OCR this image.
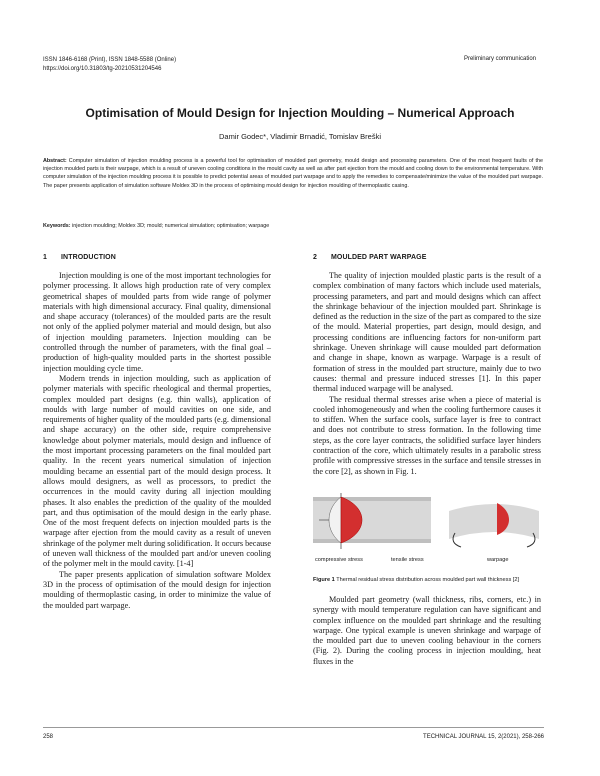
ISSN 1846-6168 (Print), ISSN 1848-5588 (Online)
https://doi.org/10.31803/tg-20210531204546
Preliminary communication
Optimisation of Mould Design for Injection Moulding – Numerical Approach
Damir Godec*, Vladimir Brnadić, Tomislav Breški
Abstract: Computer simulation of injection moulding process is a powerful tool for optimisation of moulded part geometry, mould design and processing parameters. One of the most frequent faults of the injection moulded parts is their warpage, which is a result of uneven cooling conditions in the mould cavity as well as after part ejection from the mould and cooling down to the environmental temperature. With computer simulation of the injection moulding process it is possible to predict potential areas of moulded part warpage and to apply the remedies to compensate/minimize the value of the moulded part warpage. The paper presents application of simulation software Moldex 3D in the process of optimising mould design for injection moulding of thermoplastic casing.
Keywords: injection moulding; Moldex 3D; mould; numerical simulation; optimisation; warpage
1 INTRODUCTION

Injection moulding is one of the most important technologies for polymer processing. It allows high production rate of very complex geometrical shapes of moulded parts from wide range of polymer materials with high dimensional accuracy. Final quality, dimensional and shape accuracy (tolerances) of the moulded parts are the result not only of the applied polymer material and mould design, but also of injection moulding parameters. Injection moulding can be controlled through the number of parameters, with the final goal – production of high-quality moulded parts in the shortest possible injection moulding cycle time.

Modern trends in injection moulding, such as application of polymer materials with specific rheological and thermal properties, complex moulded part designs (e.g. thin walls), application of moulds with large number of mould cavities on one side, and requirements of higher quality of the moulded parts (e.g. dimensional and shape accuracy) on the other side, require comprehensive knowledge about polymer materials, mould design and influence of the most important processing parameters on the final moulded part quality. In the recent years numerical simulation of injection moulding became an essential part of the mould design process. It allows mould designers, as well as processors, to predict the occurrences in the mould cavity during all injection moulding phases. It also enables the prediction of the quality of the moulded part, and thus optimisation of the mould design in the early phase. One of the most frequent defects on injection moulded parts is the warpage after ejection from the mould cavity as a result of uneven shrinkage of the polymer melt during solidification. It occurs because of uneven wall thickness of the moulded part and/or uneven cooling of the polymer melt in the mould cavity. [1-4]

The paper presents application of simulation software Moldex 3D in the process of optimisation of the mould design for injection moulding of thermoplastic casing, in order to minimize the value of the moulded part warpage.

2 MOULDED PART WARPAGE

The quality of injection moulded plastic parts is the result of a complex combination of many factors which include used materials, processing parameters, and part and mould designs which can affect the shrinkage behaviour of the injection moulded part. Shrinkage is defined as the reduction in the size of the part as compared to the size of the mould. Material properties, part design, mould design, and processing conditions are influencing factors for non-uniform part shrinkage. Uneven shrinkage will cause moulded part deformation and change in shape, known as warpage. Warpage is a result of formation of stress in the moulded part structure, mainly due to two causes: thermal and pressure induced stresses [1]. In this paper thermal induced warpage will be analysed.

The residual thermal stresses arise when a piece of material is cooled inhomogeneously and when the cooling furthermore causes it to stiffen. When the surface cools, surface layer is free to contract and does not contribute to stress formation. In the following time steps, as the core layer contracts, the solidified surface layer hinders contraction of the core, which ultimately results in a parabolic stress profile with compressive stresses in the surface and tensile stresses in the core [2], as shown in Fig. 1.

compressive stress	tensile stress	warpage
Figure 1 Thermal residual stress distribution across moulded part wall thickness [2]

Moulded part geometry (wall thickness, ribs, corners, etc.) in synergy with mould temperature regulation can have significant and complex influence on the moulded part shrinkage and the resulting warpage. One typical example is uneven shrinkage and warpage of the moulded part due to uneven cooling behaviour in the corners (Fig. 2). During the cooling process in injection moulding, heat fluxes in the

258	TECHNICAL JOURNAL 15, 2(2021), 258-266
